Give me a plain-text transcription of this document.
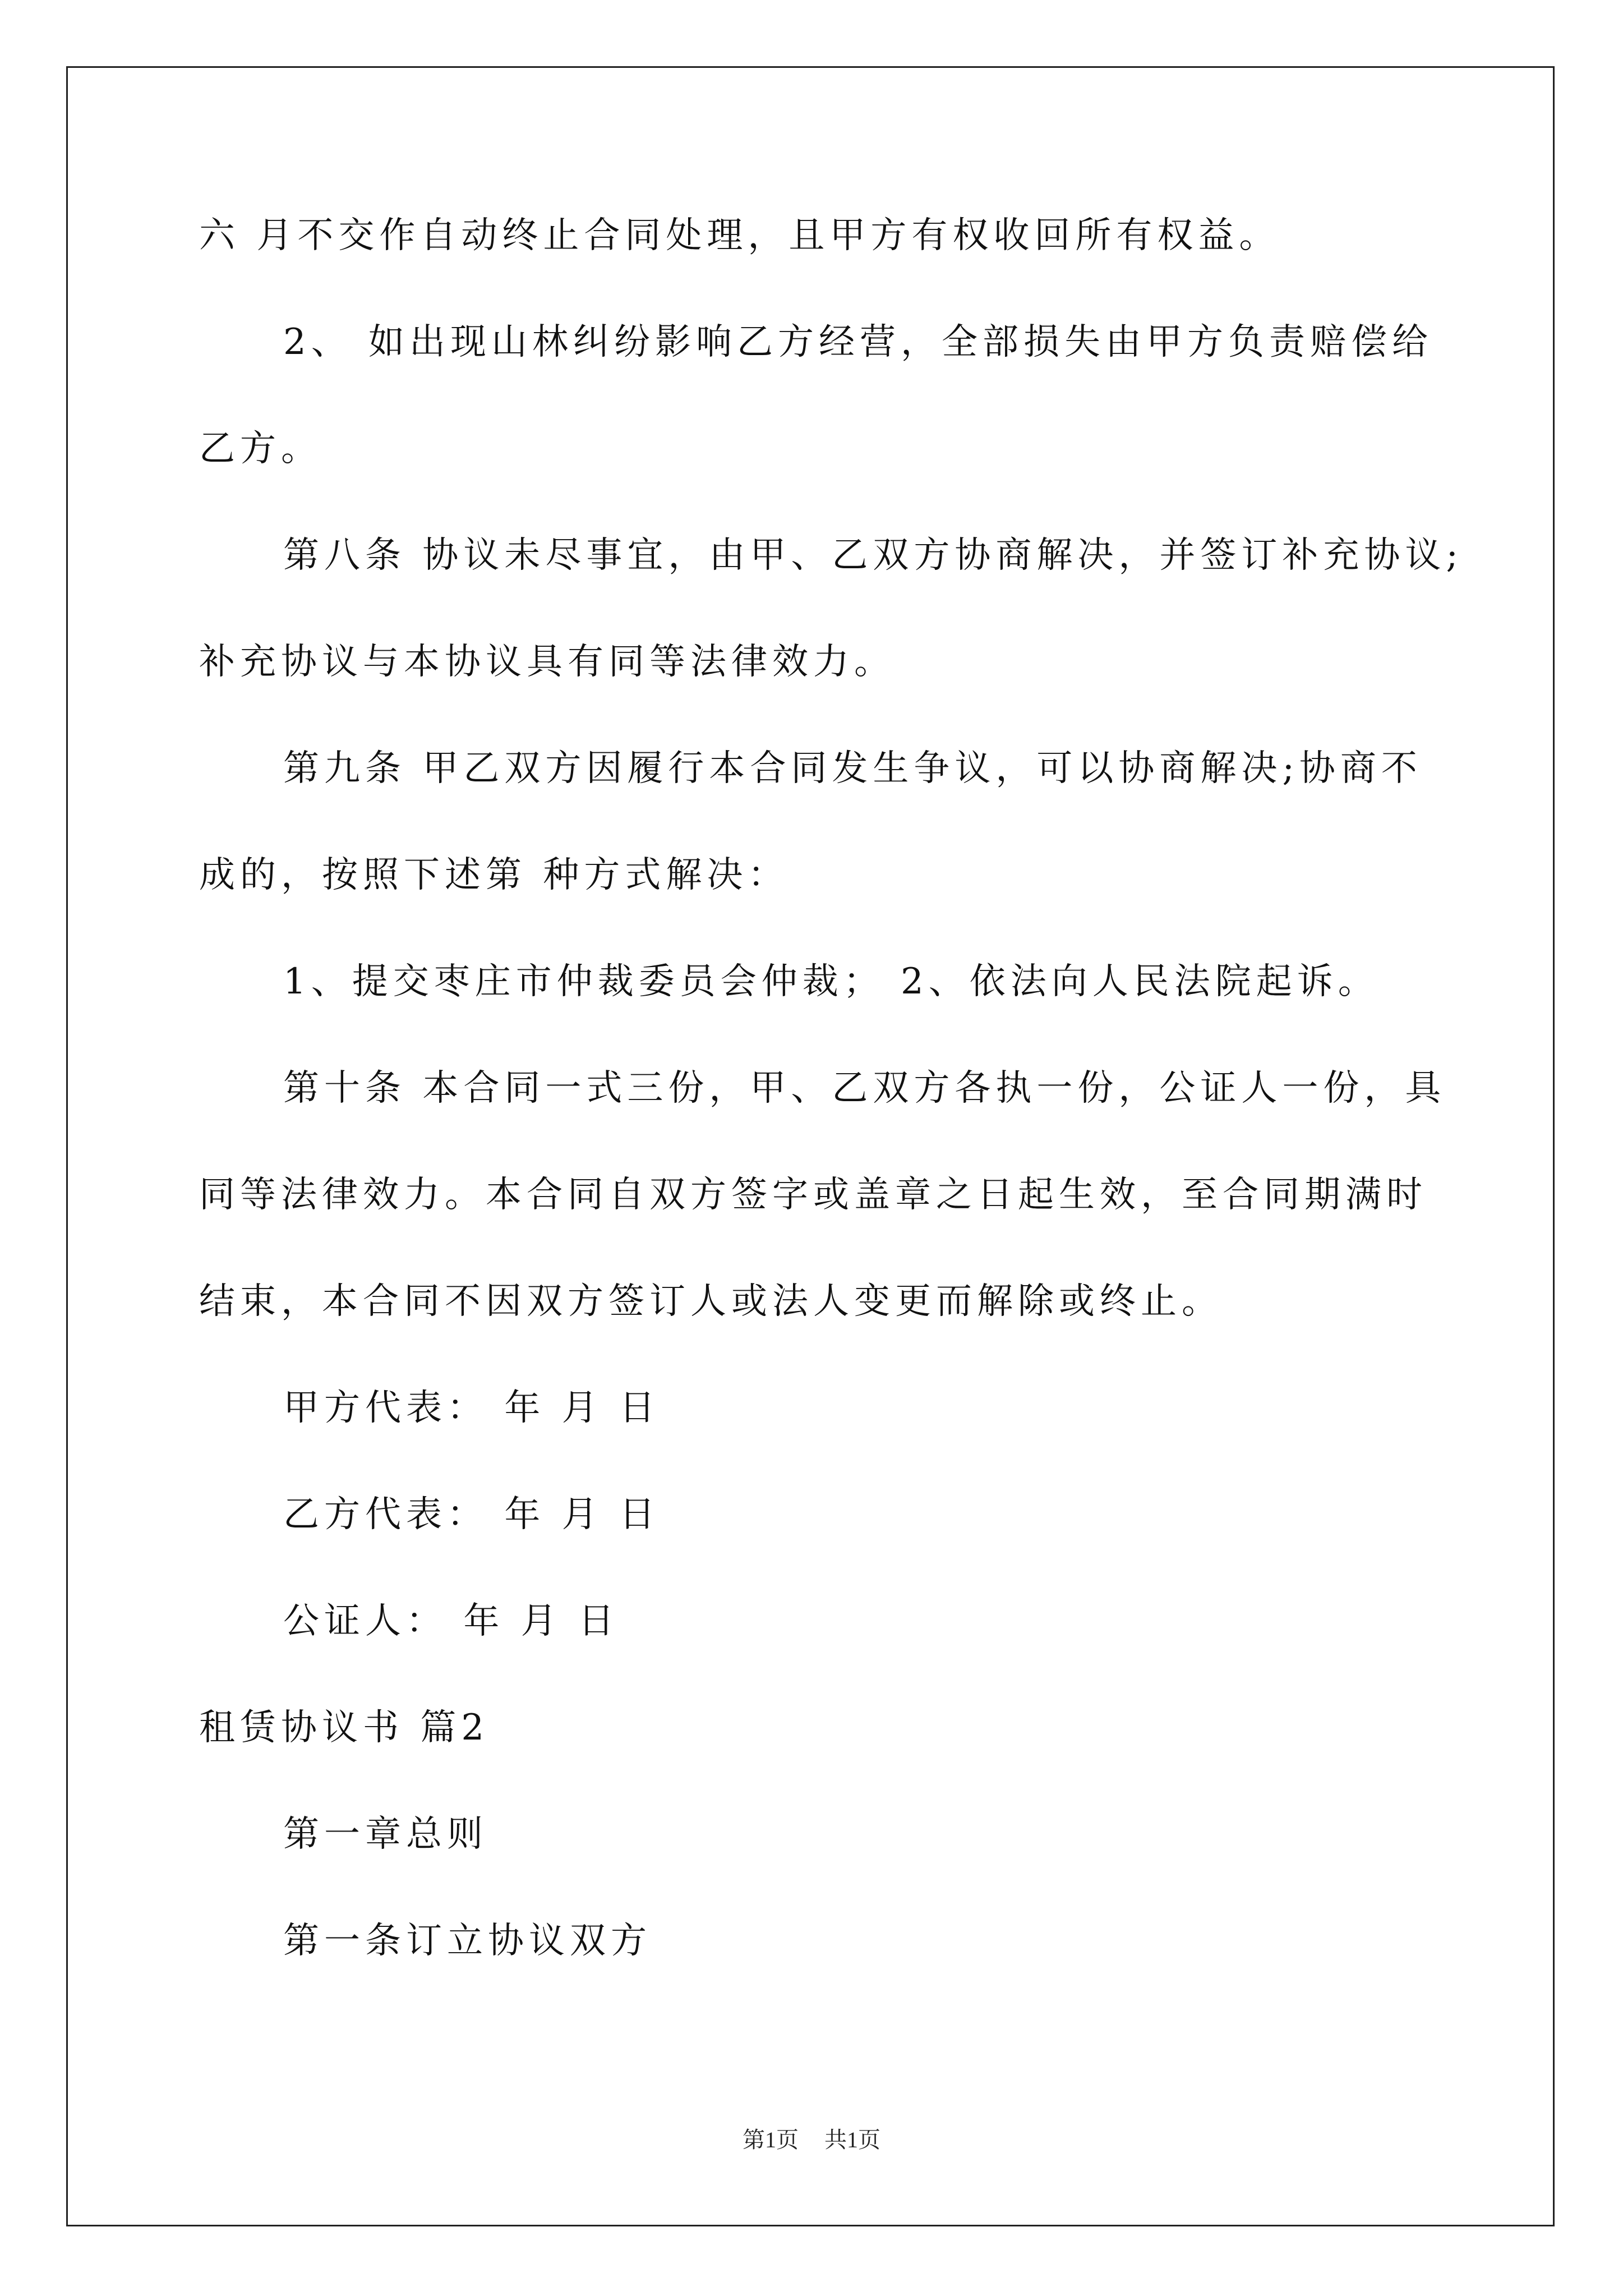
六 月不交作自动终止合同处理，且甲方有权收回所有权益。
2、 如出现山林纠纷影响乙方经营，全部损失由甲方负责赔偿给
乙方。
第八条 协议未尽事宜，由甲、乙双方协商解决，并签订补充协议;
补充协议与本协议具有同等法律效力。
第九条 甲乙双方因履行本合同发生争议，可以协商解决;协商不
成的，按照下述第 种方式解决：
1、提交枣庄市仲裁委员会仲裁； 2、依法向人民法院起诉。
第十条 本合同一式三份，甲、乙双方各执一份，公证人一份，具
同等法律效力。本合同自双方签字或盖章之日起生效，至合同期满时
结束，本合同不因双方签订人或法人变更而解除或终止。
甲方代表： 年 月 日
乙方代表： 年 月 日
公证人： 年 月 日
租赁协议书 篇2
第一章总则
第一条订立协议双方
第1页 共1页
